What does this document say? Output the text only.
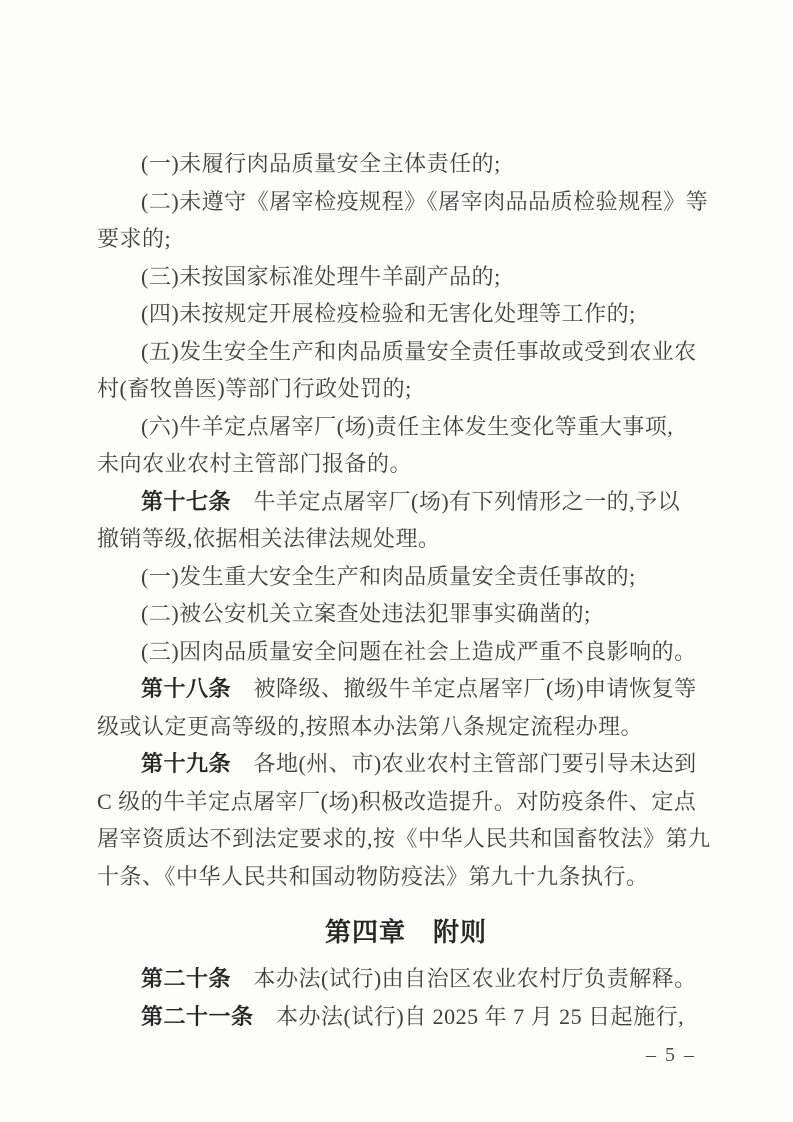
(一)未履行肉品质量安全主体责任的;
(二)未遵守《屠宰检疫规程》《屠宰肉品品质检验规程》等
要求的;
(三)未按国家标准处理牛羊副产品的;
(四)未按规定开展检疫检验和无害化处理等工作的;
(五)发生安全生产和肉品质量安全责任事故或受到农业农
村(畜牧兽医)等部门行政处罚的;
(六)牛羊定点屠宰厂(场)责任主体发生变化等重大事项,
未向农业农村主管部门报备的。
第十七条　牛羊定点屠宰厂(场)有下列情形之一的,予以
撤销等级,依据相关法律法规处理。
(一)发生重大安全生产和肉品质量安全责任事故的;
(二)被公安机关立案查处违法犯罪事实确凿的;
(三)因肉品质量安全问题在社会上造成严重不良影响的。
第十八条　被降级、撤级牛羊定点屠宰厂(场)申请恢复等
级或认定更高等级的,按照本办法第八条规定流程办理。
第十九条　各地(州、市)农业农村主管部门要引导未达到
C 级的牛羊定点屠宰厂(场)积极改造提升。对防疫条件、定点
屠宰资质达不到法定要求的,按《中华人民共和国畜牧法》第九
十条、《中华人民共和国动物防疫法》第九十九条执行。
第四章　附则
第二十条　本办法(试行)由自治区农业农村厅负责解释。
第二十一条　本办法(试行)自 2025 年 7 月 25 日起施行,
– 5 –
